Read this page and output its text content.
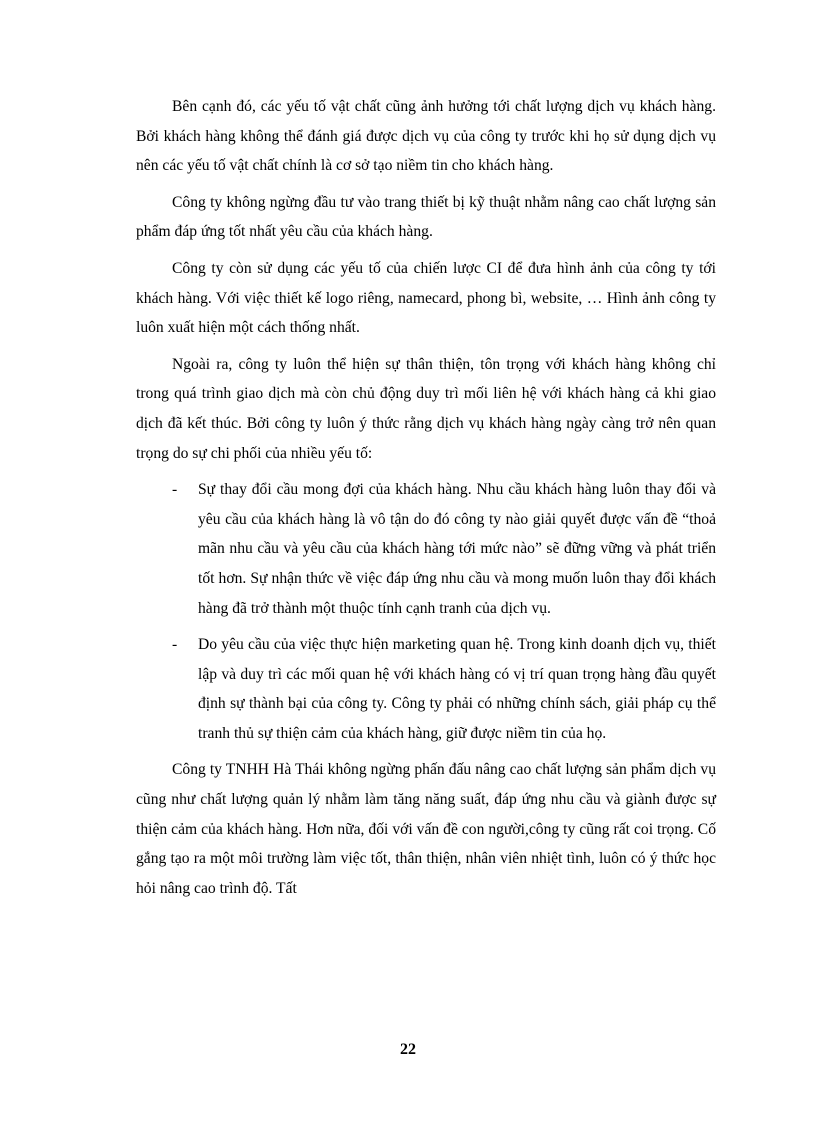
Bên cạnh đó, các yếu tố vật chất cũng ảnh hưởng tới chất lượng dịch vụ khách hàng. Bởi khách hàng không thể đánh giá được dịch vụ của công ty trước khi họ sử dụng dịch vụ nên các yếu tố vật chất chính là cơ sở tạo niềm tin cho khách hàng.

Công ty không ngừng đầu tư vào trang thiết bị kỹ thuật nhằm nâng cao chất lượng sản phẩm đáp ứng tốt nhất yêu cầu của khách hàng.

Công ty còn sử dụng các yếu tố của chiến lược CI để đưa hình ảnh của công ty tới khách hàng. Với việc thiết kế logo riêng, namecard, phong bì, website, … Hình ảnh công ty luôn xuất hiện một cách thống nhất.

Ngoài ra, công ty luôn thể hiện sự thân thiện, tôn trọng với khách hàng không chỉ trong quá trình giao dịch mà còn chủ động duy trì mối liên hệ với khách hàng cả khi giao dịch đã kết thúc. Bởi công ty luôn ý thức rằng dịch vụ khách hàng ngày càng trở nên quan trọng do sự chi phối của nhiều yếu tố:

-	Sự thay đổi cầu mong đợi của khách hàng. Nhu cầu khách hàng luôn thay đổi và yêu cầu của khách hàng là vô tận do đó công ty nào giải quyết được vấn đề “thoả mãn nhu cầu và yêu cầu của khách hàng tới mức nào” sẽ đững vững và phát triển tốt hơn. Sự nhận thức về việc đáp ứng nhu cầu và mong muốn luôn thay đổi khách hàng đã trở thành một thuộc tính cạnh tranh của dịch vụ.
-	Do yêu cầu của việc thực hiện marketing quan hệ. Trong kinh doanh dịch vụ, thiết lập và duy trì các mối quan hệ với khách hàng có vị trí quan trọng hàng đầu quyết định sự thành bại của công ty. Công ty phải có những chính sách, giải pháp cụ thể tranh thủ sự thiện cảm của khách hàng, giữ được niềm tin của họ.

Công ty TNHH Hà Thái không ngừng phấn đấu nâng cao chất lượng sản phẩm dịch vụ cũng như chất lượng quản lý nhằm làm tăng năng suất, đáp ứng nhu cầu và giành được sự thiện cảm của khách hàng. Hơn nữa, đối với vấn đề con người,công ty cũng rất coi trọng. Cố gắng tạo ra một môi trường làm việc tốt, thân thiện, nhân viên nhiệt tình, luôn có ý thức học hỏi nâng cao trình độ. Tất

22
